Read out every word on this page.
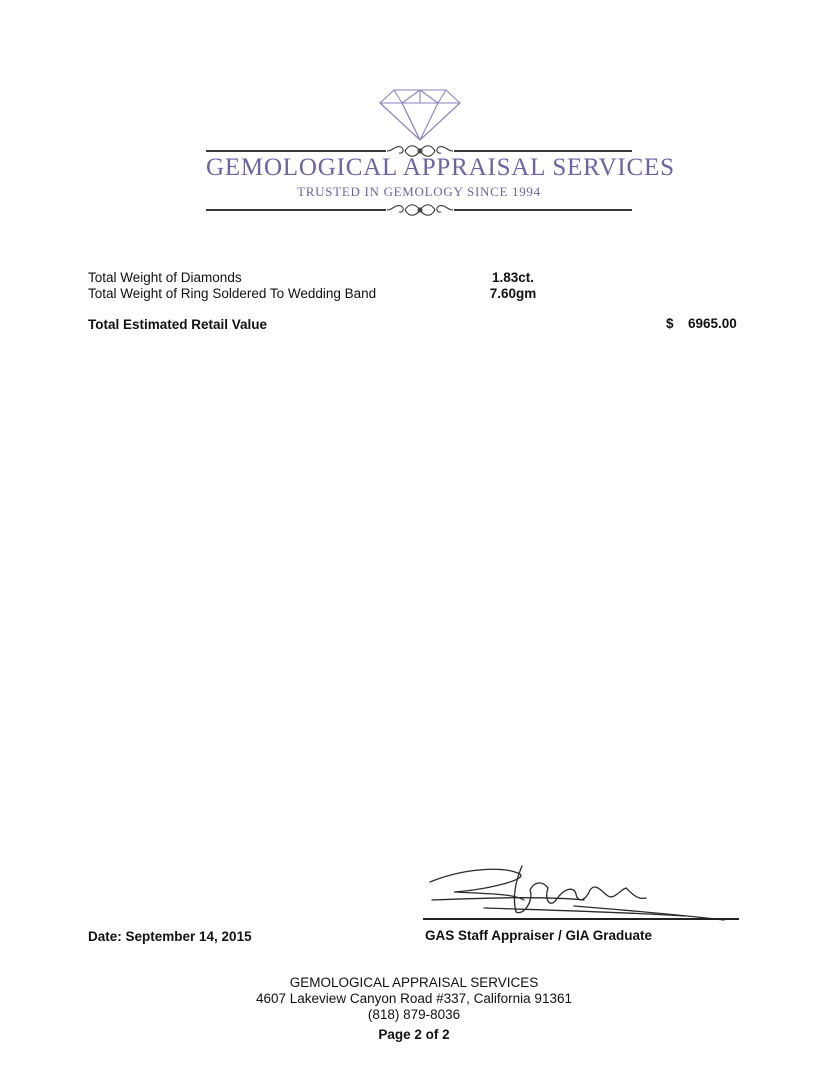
GEMOLOGICAL APPRAISAL SERVICES
TRUSTED IN GEMOLOGY SINCE 1994
Total Weight of Diamonds	1.83ct.
Total Weight of Ring Soldered To Wedding Band	7.60gm
Total Estimated Retail Value	$ 6965.00
Date: September 14, 2015	GAS Staff Appraiser / GIA Graduate
GEMOLOGICAL APPRAISAL SERVICES
4607 Lakeview Canyon Road #337, California 91361
(818) 879-8036
Page 2 of 2
